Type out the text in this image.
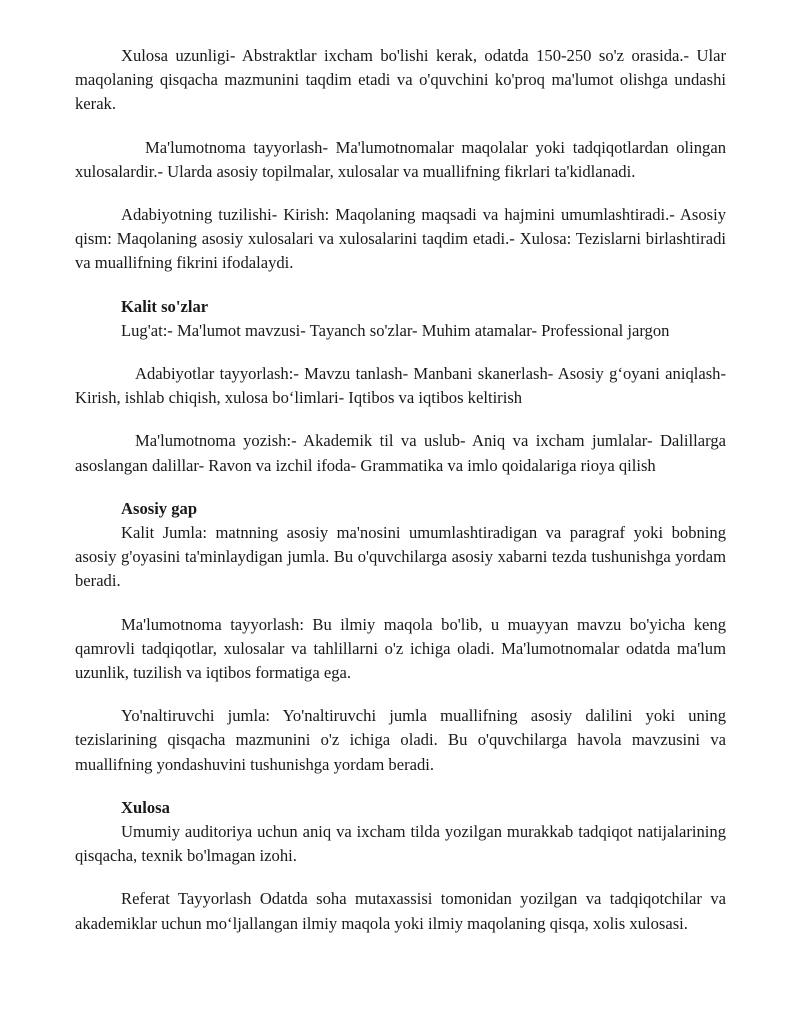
Xulosa uzunligi- Abstraktlar ixcham bo'lishi kerak, odatda 150-250 so'z orasida.- Ular maqolaning qisqacha mazmunini taqdim etadi va o'quvchini ko'proq ma'lumot olishga undashi kerak.

Ma'lumotnoma tayyorlash- Ma'lumotnomalar maqolalar yoki tadqiqotlardan olingan xulosalardir.- Ularda asosiy topilmalar, xulosalar va muallifning fikrlari ta'kidlanadi.

Adabiyotning tuzilishi- Kirish: Maqolaning maqsadi va hajmini umumlashtiradi.- Asosiy qism: Maqolaning asosiy xulosalari va xulosalarini taqdim etadi.- Xulosa: Tezislarni birlashtiradi va muallifning fikrini ifodalaydi.

Kalit so'zlar

Lug'at:- Ma'lumot mavzusi- Tayanch so'zlar- Muhim atamalar- Professional jargon

Adabiyotlar tayyorlash:- Mavzu tanlash- Manbani skanerlash- Asosiy g‘oyani aniqlash- Kirish, ishlab chiqish, xulosa bo‘limlari- Iqtibos va iqtibos keltirish

Ma'lumotnoma yozish:- Akademik til va uslub- Aniq va ixcham jumlalar- Dalillarga asoslangan dalillar- Ravon va izchil ifoda- Grammatika va imlo qoidalariga rioya qilish

Asosiy gap

Kalit Jumla: matnning asosiy ma'nosini umumlashtiradigan va paragraf yoki bobning asosiy g'oyasini ta'minlaydigan jumla. Bu o'quvchilarga asosiy xabarni tezda tushunishga yordam beradi.

Ma'lumotnoma tayyorlash: Bu ilmiy maqola bo'lib, u muayyan mavzu bo'yicha keng qamrovli tadqiqotlar, xulosalar va tahlillarni o'z ichiga oladi. Ma'lumotnomalar odatda ma'lum uzunlik, tuzilish va iqtibos formatiga ega.

Yo'naltiruvchi jumla: Yo'naltiruvchi jumla muallifning asosiy dalilini yoki uning tezislarining qisqacha mazmunini o'z ichiga oladi. Bu o'quvchilarga havola mavzusini va muallifning yondashuvini tushunishga yordam beradi.

Xulosa

Umumiy auditoriya uchun aniq va ixcham tilda yozilgan murakkab tadqiqot natijalarining qisqacha, texnik bo'lmagan izohi.

Referat Tayyorlash Odatda soha mutaxassisi tomonidan yozilgan va tadqiqotchilar va akademiklar uchun mo‘ljallangan ilmiy maqola yoki ilmiy maqolaning qisqa, xolis xulosasi.
